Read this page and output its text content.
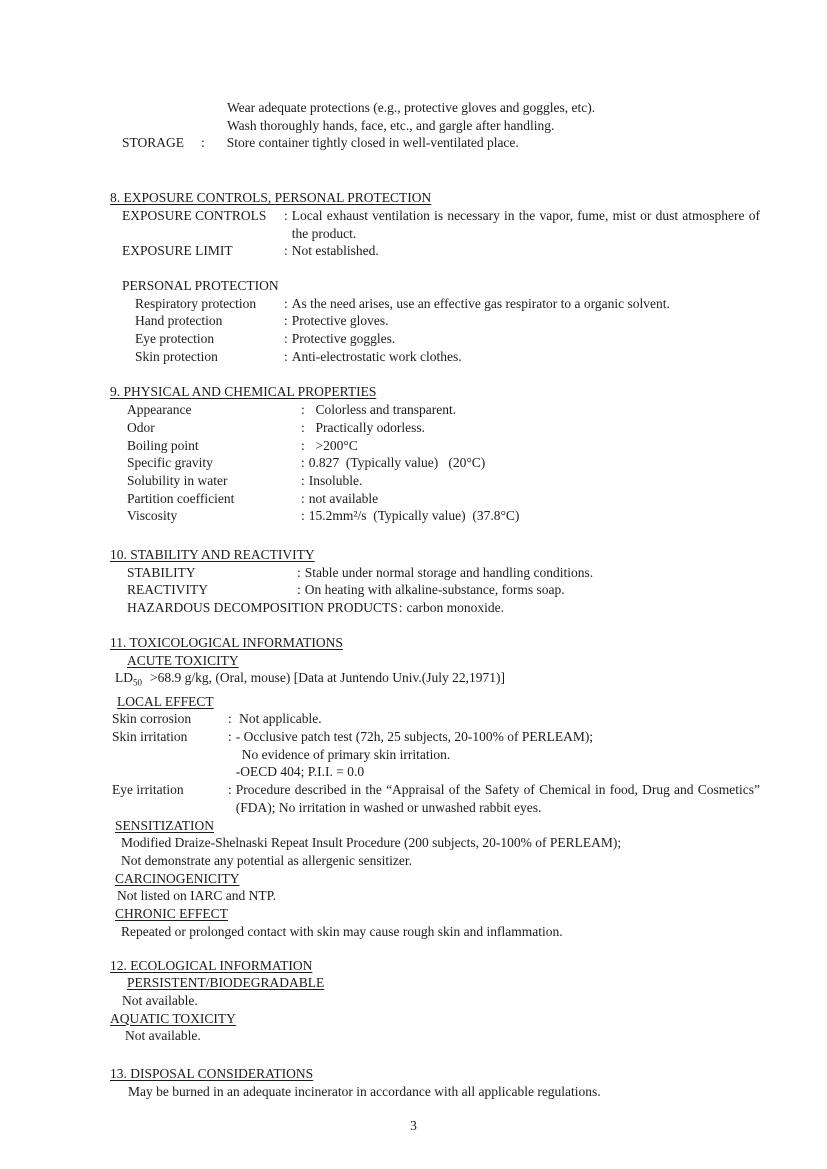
Wear adequate protections (e.g., protective gloves and goggles, etc).
Wash thoroughly hands, face, etc., and gargle after handling.
STORAGE	:	Store container tightly closed in well-ventilated place.
8. EXPOSURE CONTROLS, PERSONAL PROTECTION
EXPOSURE CONTROLS	: Local exhaust ventilation is necessary in the vapor, fume, mist or dust atmosphere of the product.
EXPOSURE LIMIT	: Not established.
PERSONAL PROTECTION
Respiratory protection	: As the need arises, use an effective gas respirator to a organic solvent.
Hand protection	: Protective gloves.
Eye protection	: Protective goggles.
Skin protection	: Anti-electrostatic work clothes.
9. PHYSICAL AND CHEMICAL PROPERTIES
Appearance	: Colorless and transparent.
Odor	: Practically odorless.
Boiling point	: >200°C
Specific gravity	: 0.827  (Typically value)   (20°C)
Solubility in water	: Insoluble.
Partition coefficient	: not available
Viscosity	: 15.2mm²/s  (Typically value)  (37.8°C)
10. STABILITY AND REACTIVITY
STABILITY	: Stable under normal storage and handling conditions.
REACTIVITY	: On heating with alkaline-substance, forms soap.
HAZARDOUS DECOMPOSITION PRODUCTS: carbon monoxide.
11. TOXICOLOGICAL INFORMATIONS
ACUTE TOXICITY
$LD_{50} >68.9$ g/kg, (Oral, mouse) [Data at Juntendo Univ.(July 22,1971)]
LOCAL EFFECT
Skin corrosion	: Not applicable.
Skin irritation	: - Occlusive patch test (72h, 25 subjects, 20-100% of PERLEAM);
No evidence of primary skin irritation.
-OECD 404; P.I.I. = 0.0
Eye irritation	: Procedure described in the “Appraisal of the Safety of Chemical in food, Drug and Cosmetics” (FDA); No irritation in washed or unwashed rabbit eyes.
SENSITIZATION
Modified Draize-Shelnaski Repeat Insult Procedure (200 subjects, 20-100% of PERLEAM);
Not demonstrate any potential as allergenic sensitizer.
CARCINOGENICITY
Not listed on IARC and NTP.
CHRONIC EFFECT
Repeated or prolonged contact with skin may cause rough skin and inflammation.
12. ECOLOGICAL INFORMATION
PERSISTENT/BIODEGRADABLE
Not available.
AQUATIC TOXICITY
Not available.
13. DISPOSAL CONSIDERATIONS
May be burned in an adequate incinerator in accordance with all applicable regulations.
3
